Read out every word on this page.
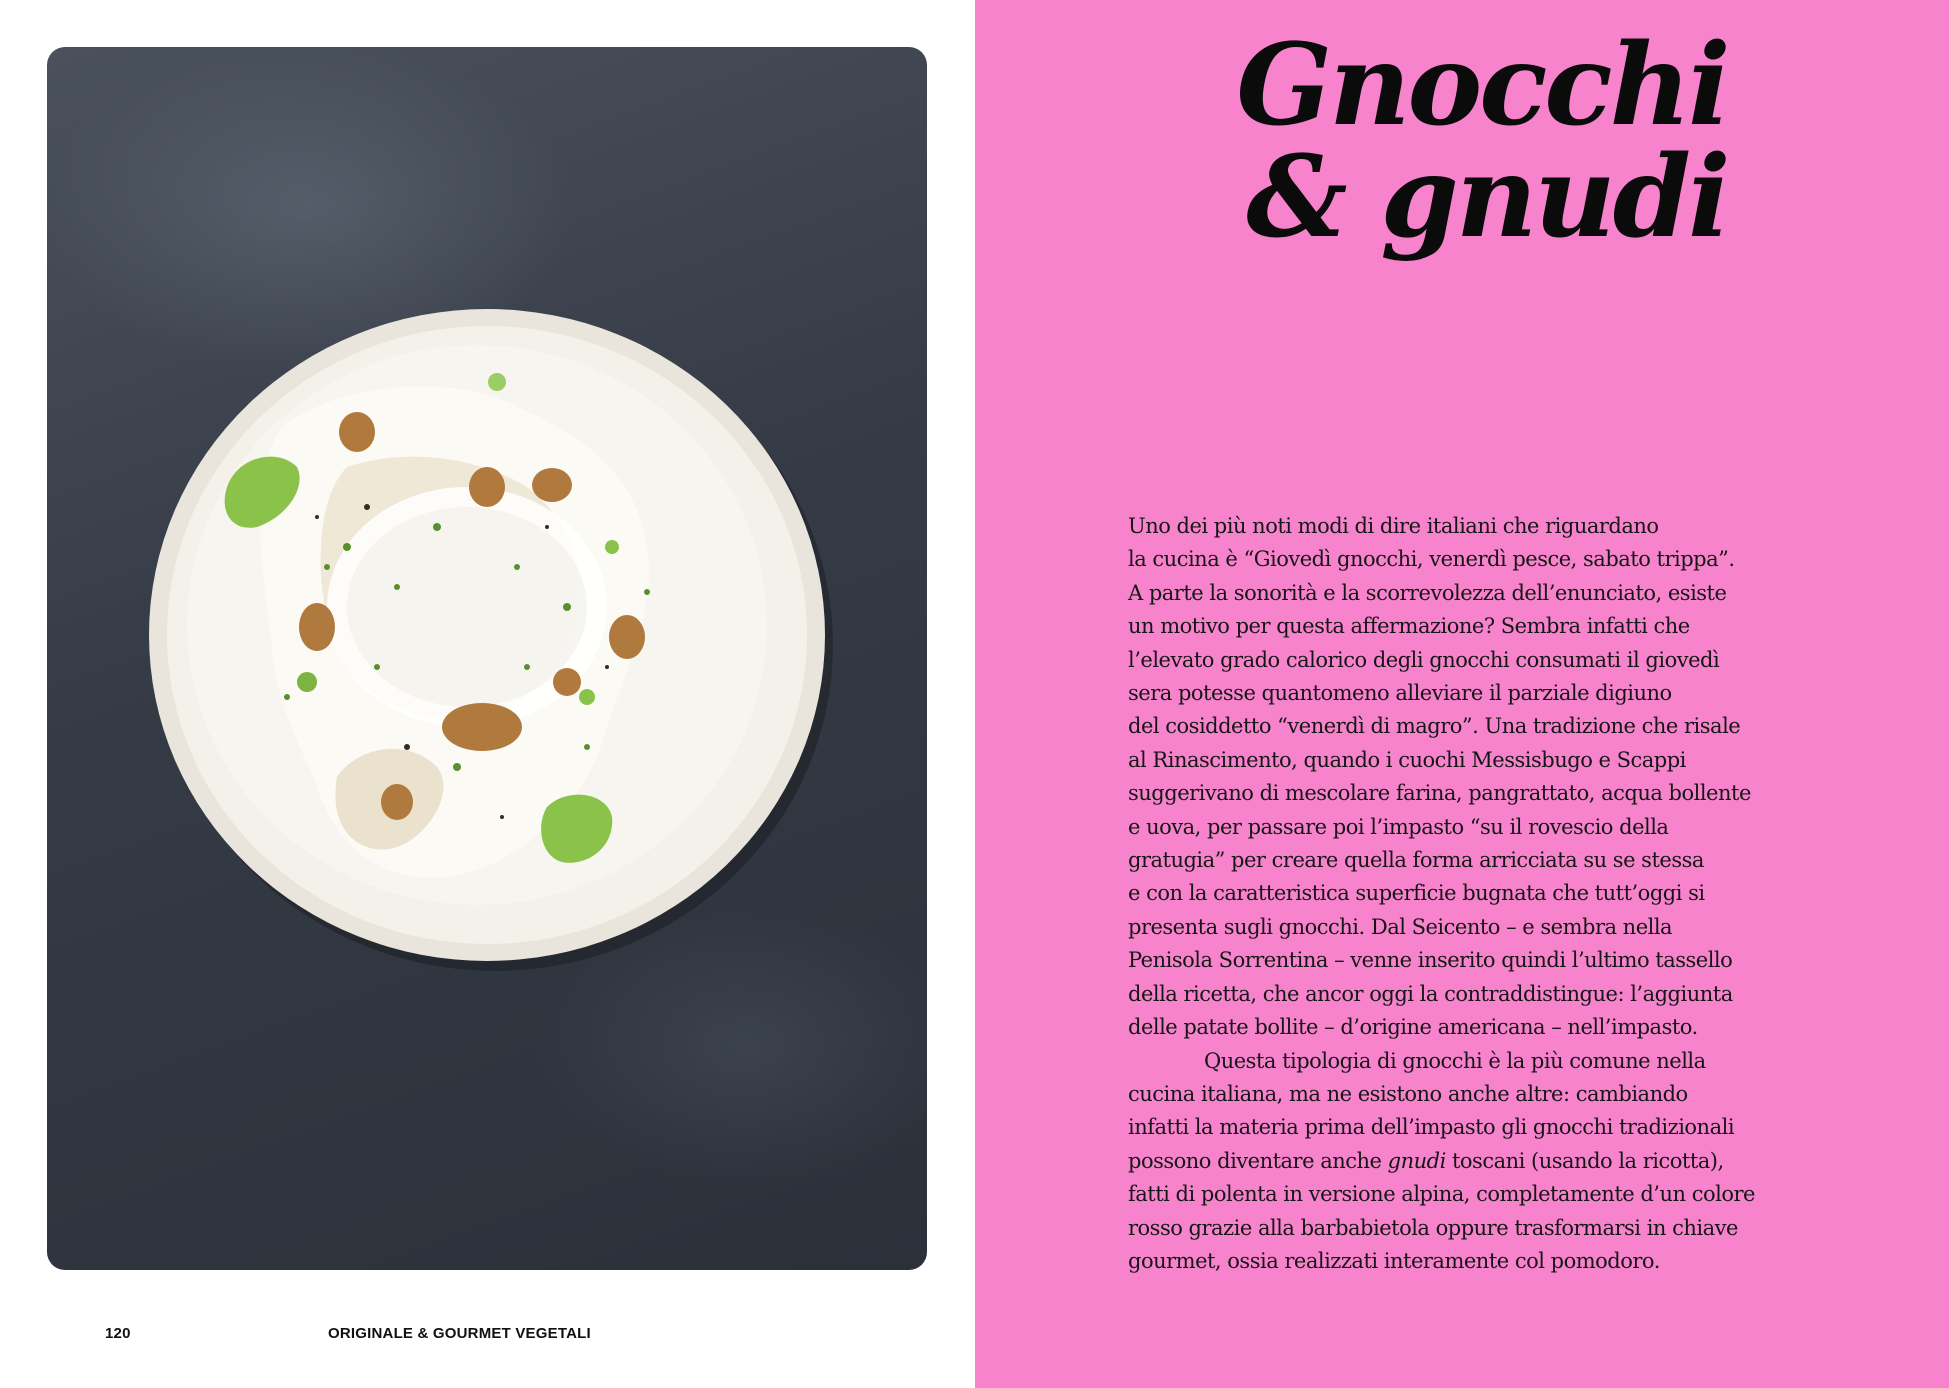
120	ORIGINALE & GOURMET VEGETALI
Gnocchi
& gnudi
Uno dei più noti modi di dire italiani che riguardano
la cucina è “Giovedì gnocchi, venerdì pesce, sabato trippa”.
A parte la sonorità e la scorrevolezza dell’enunciato, esiste
un motivo per questa affermazione? Sembra infatti che
l’elevato grado calorico degli gnocchi consumati il giovedì
sera potesse quantomeno alleviare il parziale digiuno
del cosiddetto “venerdì di magro”. Una tradizione che risale
al Rinascimento, quando i cuochi Messisbugo e Scappi
suggerivano di mescolare farina, pangrattato, acqua bollente
e uova, per passare poi l’impasto “su il rovescio della
gratugia” per creare quella forma arricciata su se stessa
e con la caratteristica superficie bugnata che tutt’oggi si
presenta sugli gnocchi. Dal Seicento – e sembra nella
Penisola Sorrentina – venne inserito quindi l’ultimo tassello
della ricetta, che ancor oggi la contraddistingue: l’aggiunta
delle patate bollite – d’origine americana – nell’impasto.
Questa tipologia di gnocchi è la più comune nella
cucina italiana, ma ne esistono anche altre: cambiando
infatti la materia prima dell’impasto gli gnocchi tradizionali
possono diventare anche gnudi toscani (usando la ricotta),
fatti di polenta in versione alpina, completamente d’un colore
rosso grazie alla barbabietola oppure trasformarsi in chiave
gourmet, ossia realizzati interamente col pomodoro.
